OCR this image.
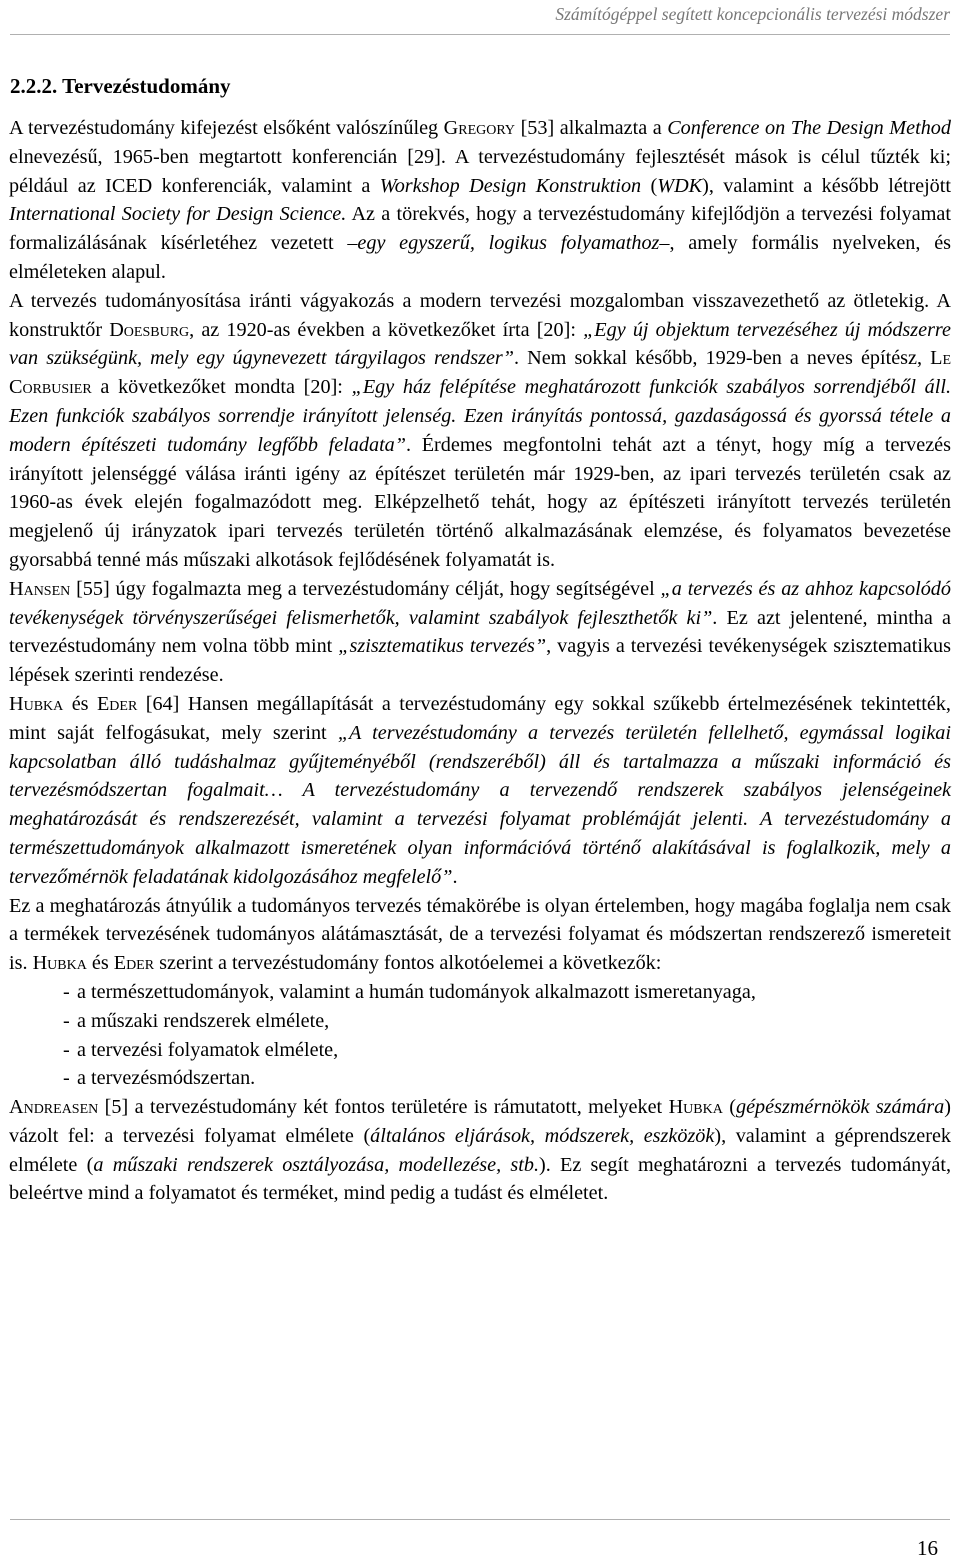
Számítógéppel segített koncepcionális tervezési módszer
2.2.2. Tervezéstudomány

A tervezéstudomány kifejezést elsőként valószínűleg Gregory [53] alkalmazta a Conference on The Design Method elnevezésű, 1965-ben megtartott konferencián [29]. A tervezéstudomány fejlesztését mások is célul tűzték ki; például az ICED konferenciák, valamint a Workshop Design Konstruktion (WDK), valamint a később létrejött International Society for Design Science. Az a törekvés, hogy a tervezéstudomány kifejlődjön a tervezési folyamat formalizálásának kísérletéhez vezetett –egy egyszerű, logikus folyamathoz–, amely formális nyelveken, és elméleteken alapul.

A tervezés tudományosítása iránti vágyakozás a modern tervezési mozgalomban visszavezethető az ötletekig. A konstruktőr Doesburg, az 1920-as években a következőket írta [20]: „Egy új objektum tervezéséhez új módszerre van szükségünk, mely egy úgynevezett tárgyilagos rendszer”. Nem sokkal később, 1929-ben a neves építész, Le Corbusier a következőket mondta [20]: „Egy ház felépítése meghatározott funkciók szabályos sorrendjéből áll. Ezen funkciók szabályos sorrendje irányított jelenség. Ezen irányítás pontossá, gazdaságossá és gyorssá tétele a modern építészeti tudomány legfőbb feladata”. Érdemes megfontolni tehát azt a tényt, hogy míg a tervezés irányított jelenséggé válása iránti igény az építészet területén már 1929-ben, az ipari tervezés területén csak az 1960-as évek elején fogalmazódott meg. Elképzelhető tehát, hogy az építészeti irányított tervezés területén megjelenő új irányzatok ipari tervezés területén történő alkalmazásának elemzése, és folyamatos bevezetése gyorsabbá tenné más műszaki alkotások fejlődésének folyamatát is.

Hansen [55] úgy fogalmazta meg a tervezéstudomány célját, hogy segítségével „a tervezés és az ahhoz kapcsolódó tevékenységek törvényszerűségei felismerhetők, valamint szabályok fejleszthetők ki”. Ez azt jelentené, mintha a tervezéstudomány nem volna több mint „szisztematikus tervezés”, vagyis a tervezési tevékenységek szisztematikus lépések szerinti rendezése.

Hubka és Eder [64] Hansen megállapítását a tervezéstudomány egy sokkal szűkebb értelmezésének tekintették, mint saját felfogásukat, mely szerint „A tervezéstudomány a tervezés területén fellelhető, egymással logikai kapcsolatban álló tudáshalmaz gyűjteményéből (rendszeréből) áll és tartalmazza a műszaki információ és tervezésmódszertan fogalmait… A tervezéstudomány a tervezendő rendszerek szabályos jelenségeinek meghatározását és rendszerezését, valamint a tervezési folyamat problémáját jelenti. A tervezéstudomány a természettudományok alkalmazott ismeretének olyan információvá történő alakításával is foglalkozik, mely a tervezőmérnök feladatának kidolgozásához megfelelő”.

Ez a meghatározás átnyúlik a tudományos tervezés témakörébe is olyan értelemben, hogy magába foglalja nem csak a termékek tervezésének tudományos alátámasztását, de a tervezési folyamat és módszertan rendszerező ismereteit is. Hubka és Eder szerint a tervezéstudomány fontos alkotóelemei a következők:

- a természettudományok, valamint a humán tudományok alkalmazott ismeretanyaga,
- a műszaki rendszerek elmélete,
- a tervezési folyamatok elmélete,
- a tervezésmódszertan.

Andreasen [5] a tervezéstudomány két fontos területére is rámutatott, melyeket Hubka (gépészmérnökök számára) vázolt fel: a tervezési folyamat elmélete (általános eljárások, módszerek, eszközök), valamint a géprendszerek elmélete (a műszaki rendszerek osztályozása, modellezése, stb.). Ez segít meghatározni a tervezés tudományát, beleértve mind a folyamatot és terméket, mind pedig a tudást és elméletet.

16
